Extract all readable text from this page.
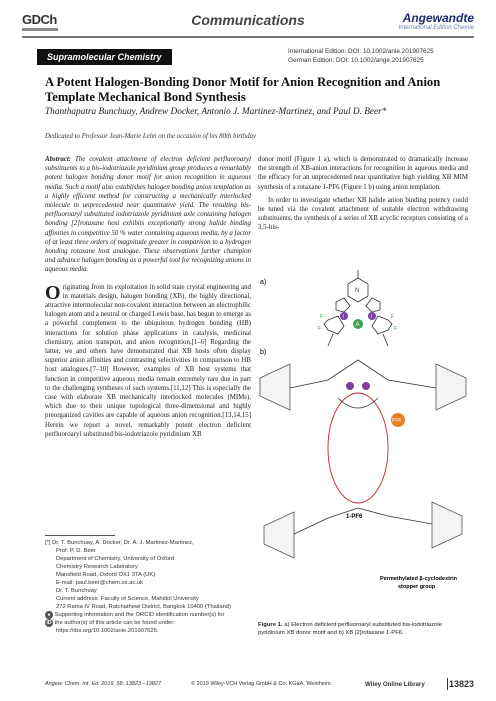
GDCh	Communications	Angewandte
International Edition Chemie
Supramolecular Chemistry
International Edition: DOI: 10.1002/anie.201907625
German Edition: DOI: 10.1002/ange.201907625
A Potent Halogen-Bonding Donor Motif for Anion Recognition and Anion Template Mechanical Bond Synthesis
Thanthapatra Bunchuay, Andrew Docker, Antonio J. Martinez-Martinez, and Paul D. Beer*
Dedicated to Professor Jean-Marie Lehn on the occasion of his 80th birthday
Abstract: The covalent attachment of electron deficient perfluoroaryl substituents to a bis-iodotriazole pyridinium group produces a remarkably potent halogen bonding donor motif for anion recognition in aqueous media. Such a motif also establishes halogen bonding anion templation as a highly efficient method for constructing a mechanically interlocked molecule in unprecedented near quantitative yield. The resulting bis-perfluoroaryl substituted iodotriazole pyridinium axle containing halogen bonding [2]rotaxane host exhibits exceptionally strong halide binding affinities in competitive 50 % water containing aqueous media, by a factor of at least three orders of magnitude greater in comparison to a hydrogen bonding rotaxane host analogue. These observations further champion and advance halogen bonding as a powerful tool for recognizing anions in aqueous media.
Originating from its exploitation in solid state crystal engineering and in materials design, halogen bonding (XB), the highly directional, attractive intermolecular non-covalent interaction between an electrophilic halogen atom and a neutral or charged Lewis base, has begun to emerge as a powerful complement to the ubiquitous hydrogen bonding (HB) interactions for solution phase applications in catalysis, medicinal chemistry, anion transport, and anion recognition.[1–6] Regarding the latter, we and others have demonstrated that XB hosts often display superior anion affinities and contrasting selectivities in comparison to HB host analogues.[7–10] However, examples of XB host systems that function in competitive aqueous media remain extremely rare due in part to the challenging syntheses of such systems.[11,12] This is especially the case with elaborate XB mechanically interlocked molecules (MIMs), which due to their unique topological three-dimensional and highly preorganized cavities are capable of aqueous anion recognition.[13,14,15] Herein we report a novel, remarkably potent electron deficient perfluoroaryl substituted bis-iodotriazole pyridinium XB
donor motif (Figure 1 a), which is demonstrated to dramatically increase the strength of XB-anion interactions for recognition in aqueous media and the efficacy for an unprecedented near quantitative high yielding XB MIM synthesis of a rotaxane 1-PF6 (Figure 1 b) using anion templation.
In order to investigate whether XB halide anion binding potency could be tuned via the covalent attachment of suitable electron withdrawing substituents, the synthesis of a series of XB acyclic receptors consisting of a 3,5-bis-
a)
N
I	I
A
F
F
F
F
b)
PF6
1-PF6
Permethylated β-cyclodextrin
stopper group
Figure 1. a) Electron deficient perfluoroaryl substituted bis-iodotriazole pyridinium XB donor motif and b) XB [2]rotaxane 1-PF6.
[*] Dr. T. Bunchuay, A. Docker, Dr. A. J. Martinez-Martinez,
Prof. P. D. Beer
Department of Chemistry, University of Oxford
Chemistry Research Laboratory
Mansfield Road, Oxford OX1 3TA (UK)
E-mail: paul.beer@chem.ox.ac.uk
Dr. T. Bunchuay
Current address: Faculty of Science, Mahidol University
272 Rama IV Road, Ratchathewi District, Bangkok 10400 (Thailand)
● Supporting information and the ORCID identification number(s) for
iD the author(s) of this article can be found under:
https://doi.org/10.1002/anie.201907625.
Angew. Chem. Int. Ed. 2019, 58, 13823 –13827	© 2019 Wiley-VCH Verlag GmbH & Co. KGaA, Weinheim	Wiley Online Library	13823
